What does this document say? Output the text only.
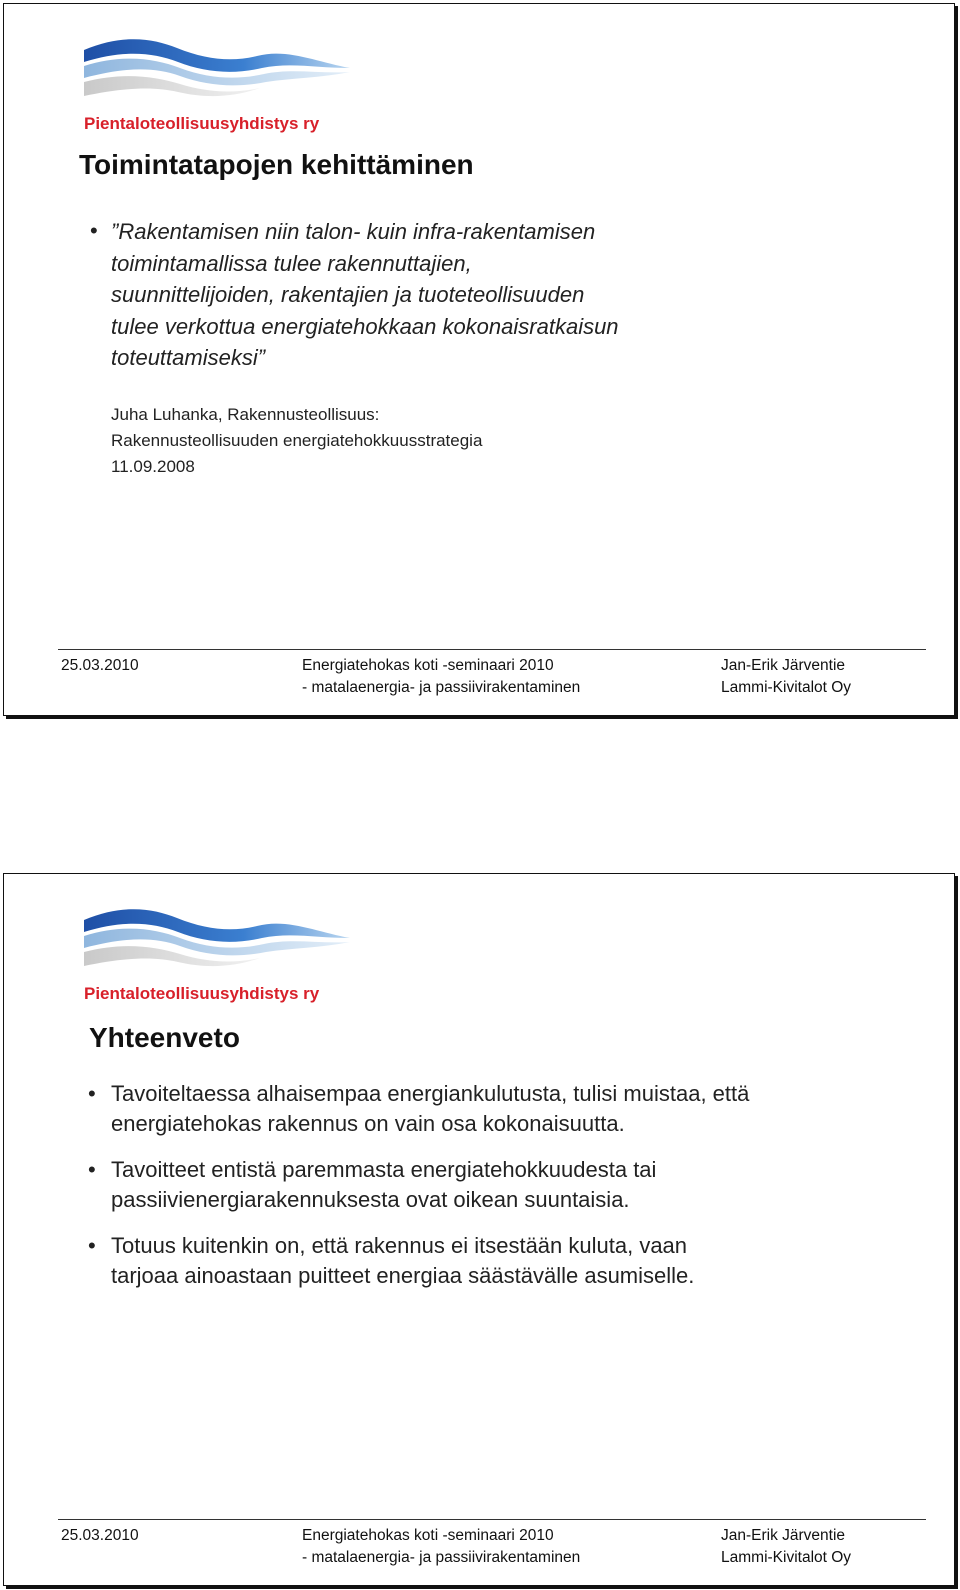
Pientaloteollisuusyhdistys ry
Toimintatapojen kehittäminen
• ”Rakentamisen niin talon- kuin infra-rakentamisen
toimintamallissa tulee rakennuttajien,
suunnittelijoiden, rakentajien ja tuoteteollisuuden
tulee verkottua energiatehokkaan kokonaisratkaisun
toteuttamiseksi”
Juha Luhanka, Rakennusteollisuus:
Rakennusteollisuuden energiatehokkuusstrategia
11.09.2008
25.03.2010	Energiatehokas koti -seminaari 2010
- matalaenergia- ja passiivirakentaminen
Jan-Erik Järventie
Lammi-Kivitalot Oy
Pientaloteollisuusyhdistys ry
Yhteenveto
• Tavoiteltaessa alhaisempaa energiankulutusta, tulisi muistaa, että
energiatehokas rakennus on vain osa kokonaisuutta.
• Tavoitteet entistä paremmasta energiatehokkuudesta tai
passiivienergiarakennuksesta ovat oikean suuntaisia.
• Totuus kuitenkin on, että rakennus ei itsestään kuluta, vaan
tarjoaa ainoastaan puitteet energiaa säästävälle asumiselle.
25.03.2010	Energiatehokas koti -seminaari 2010
- matalaenergia- ja passiivirakentaminen
Jan-Erik Järventie
Lammi-Kivitalot Oy
